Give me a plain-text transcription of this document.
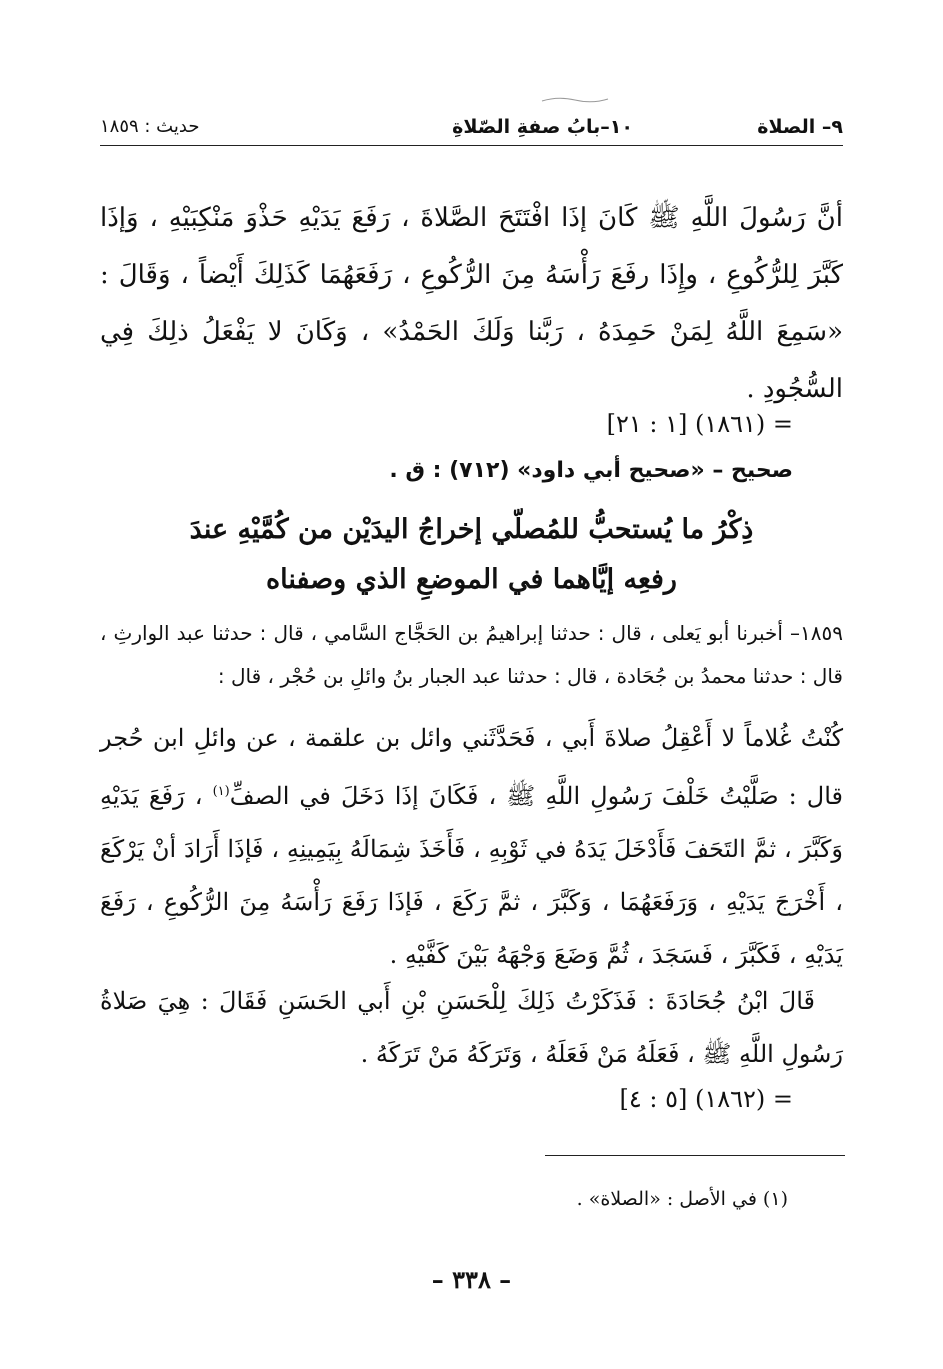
٩– الصلاة
١٠–بابُ صفةِ الصّلاةِ
حديث : ١٨٥٩
أنَّ رَسُولَ اللَّهِ ﷺ كَانَ إذَا افْتَتَحَ الصَّلاةَ ، رَفَعَ يَدَيْهِ حَذْوَ مَنْكِبَيْهِ ، وَإذَا كَبَّرَ لِلرُّكُوعِ ، وإِذَا رفَعَ رَأْسَهُ مِنَ الرُّكُوعِ ، رَفَعَهُمَا كَذَلِكَ أَيْضاً ، وَقَالَ : «سَمِعَ اللَّهُ لِمَنْ حَمِدَهُ ، رَبَّنا وَلَكَ الحَمْدُ» ، وَكَانَ لا يَفْعَلُ ذلِكَ فِي السُّجُودِ .
= (١٨٦١) [١ : ٢١]
صحيح – «صحيح أبي داود» (٧١٢) : ق .
ذِكْرُ ما يُستحبُّ للمُصلّي إخراجُ اليدَيْن من كُمَّيْهِ عندَ
رفعِه إيَّاهما في الموضعِ الذي وصفناه
١٨٥٩– أخبرنا أبو يَعلى ، قال : حدثنا إبراهيمُ بن الحَجَّاج السَّامي ، قال : حدثنا عبد الوارثِ ، قال : حدثنا محمدُ بن جُحَادة ، قال : حدثنا عبد الجبار بنُ وائلِ بن حُجْر ، قال :
كُنْتُ غُلاماً لا أَعْقِلُ صلاةَ أَبي ، فَحَدَّثَني وائل بن علقمة ، عن وائلِ ابن حُجر قال : صَلَّيْتُ خَلْفَ رَسُولِ اللَّهِ ﷺ ، فَكَانَ إذَا دَخَلَ في الصفِّ$^{(١)}$ ، رَفَعَ يَدَيْهِ وَكَبَّرَ ، ثمَّ التَحَفَ فَأَدْخَلَ يَدَهُ في ثَوْبِهِ ، فَأَخَذَ شِمَالَهُ بِيَمِينِهِ ، فَإذَا أَرَادَ أنْ يَرْكَعَ ، أَخْرَجَ يَدَيْهِ ، وَرَفَعَهُمَا ، وَكَبَّرَ ، ثمَّ رَكَعَ ، فَإذَا رَفَعَ رَأْسَهُ مِنَ الرُّكُوعِ ، رَفَعَ يَدَيْهِ ، فَكَبَّرَ ، فَسَجَدَ ، ثُمَّ وَضَعَ وَجْهَهُ بَيْنَ كَفَّيْهِ .
قَالَ ابْنُ جُحَادَةَ : فَذَكَرْتُ ذَلِكَ لِلْحَسَنِ بْنِ أَبي الحَسَنِ فَقَالَ : هِيَ صَلاةُ رَسُولِ اللَّهِ ﷺ ، فَعَلَهُ مَنْ فَعَلَهُ ، وَتَرَكَهُ مَنْ تَرَكَهُ .
= (١٨٦٢) [٥ : ٤]
(١) في الأصل : «الصلاة» .
– ٣٣٨ –
